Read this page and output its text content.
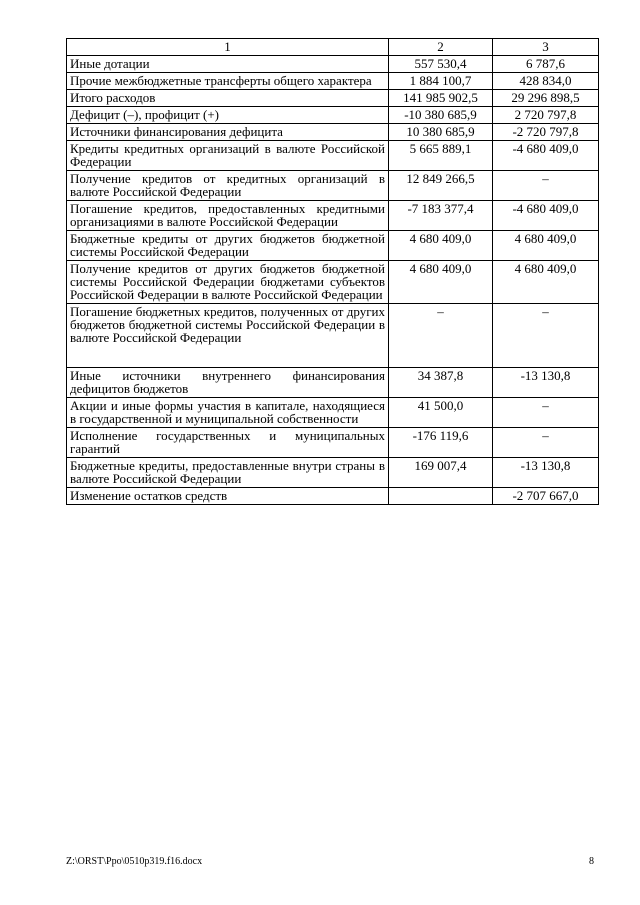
1	2	3
Иные дотации	557 530,4	6 787,6
Прочие межбюджетные трансферты общего характера	1 884 100,7	428 834,0
Итого расходов	141 985 902,5	29 296 898,5
Дефицит (–), профицит (+)	-10 380 685,9	2 720 797,8
Источники финансирования дефицита	10 380 685,9	-2 720 797,8
Кредиты кредитных организаций в валюте Российской Федерации	5 665 889,1	-4 680 409,0
Получение кредитов от кредитных организаций в валюте Российской Федерации	12 849 266,5	–
Погашение кредитов, предоставленных кредитными организациями в валюте Российской Федерации	-7 183 377,4	-4 680 409,0
Бюджетные кредиты от других бюджетов бюджетной системы Российской Федерации	4 680 409,0	4 680 409,0
Получение кредитов от других бюджетов бюджетной системы Российской Федерации бюджетами субъектов Российской Федерации в валюте Российской Федерации	4 680 409,0	4 680 409,0
Погашение бюджетных кредитов, полученных от других бюджетов бюджетной системы Российской Федерации в валюте Российской Федерации	–	–
Иные источники внутреннего финансирования дефицитов бюджетов	34 387,8	-13 130,8
Акции и иные формы участия в капитале, находящиеся в государственной и муниципальной собственности	41 500,0	–
Исполнение государственных и муниципальных гарантий	-176 119,6	–
Бюджетные кредиты, предоставленные внутри страны в валюте Российской Федерации	169 007,4	-13 130,8
Изменение остатков средств		-2 707 667,0
Z:\ORST\Ppo\0510p319.f16.docx	8
